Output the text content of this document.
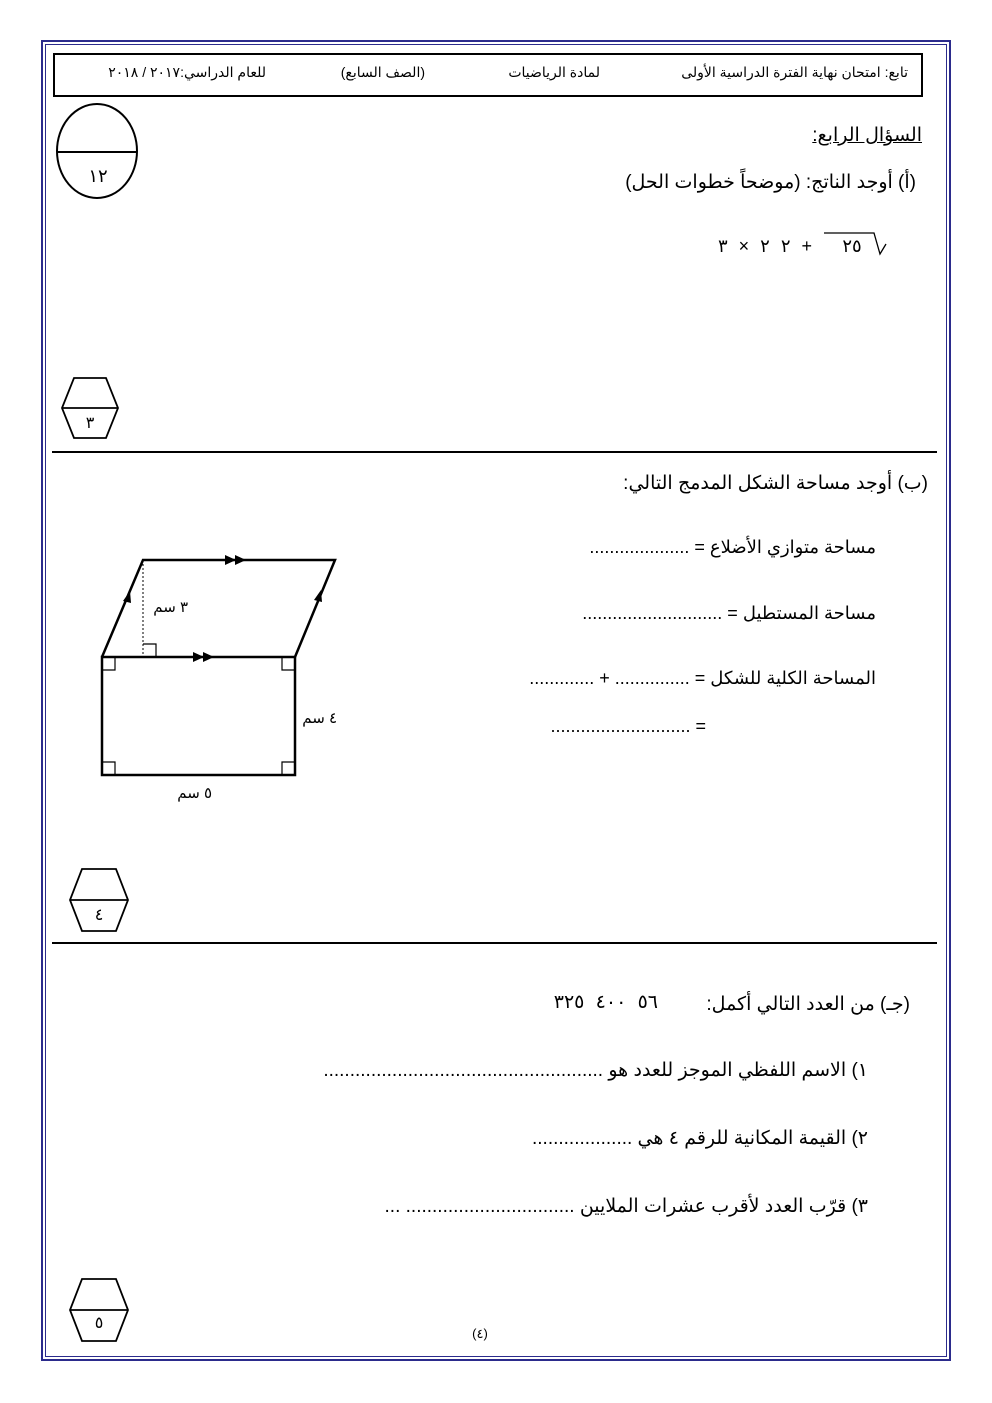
تابع: امتحان نهاية الفترة الدراسية الأولى
لمادة الرياضيات
(الصف السابع)
للعام الدراسي:٢٠١٧ / ٢٠١٨
السؤال الرابع:
١٢	(أ) أوجد الناتج: (موضحاً خطوات الحل)
+ ٢ ٢ × ٣	٢٥
٣
(ب) أوجد مساحة الشكل المدمج التالي:
مساحة متوازي الأضلاع = ....................
مساحة المستطيل = ............................
المساحة الكلية للشكل = ............... + .............
= ............................
٣ سم
٤ سم
٥ سم
٤
(جـ) من العدد التالي أكمل:
٥٦ ٤٠٠ ٣٢٥
١) الاسم اللفظي الموجز للعدد هو .....................................................
٢) القيمة المكانية للرقم ٤ هي ...................
٣) قرّب العدد لأقرب عشرات الملايين ................................ ...
٥
(٤)
